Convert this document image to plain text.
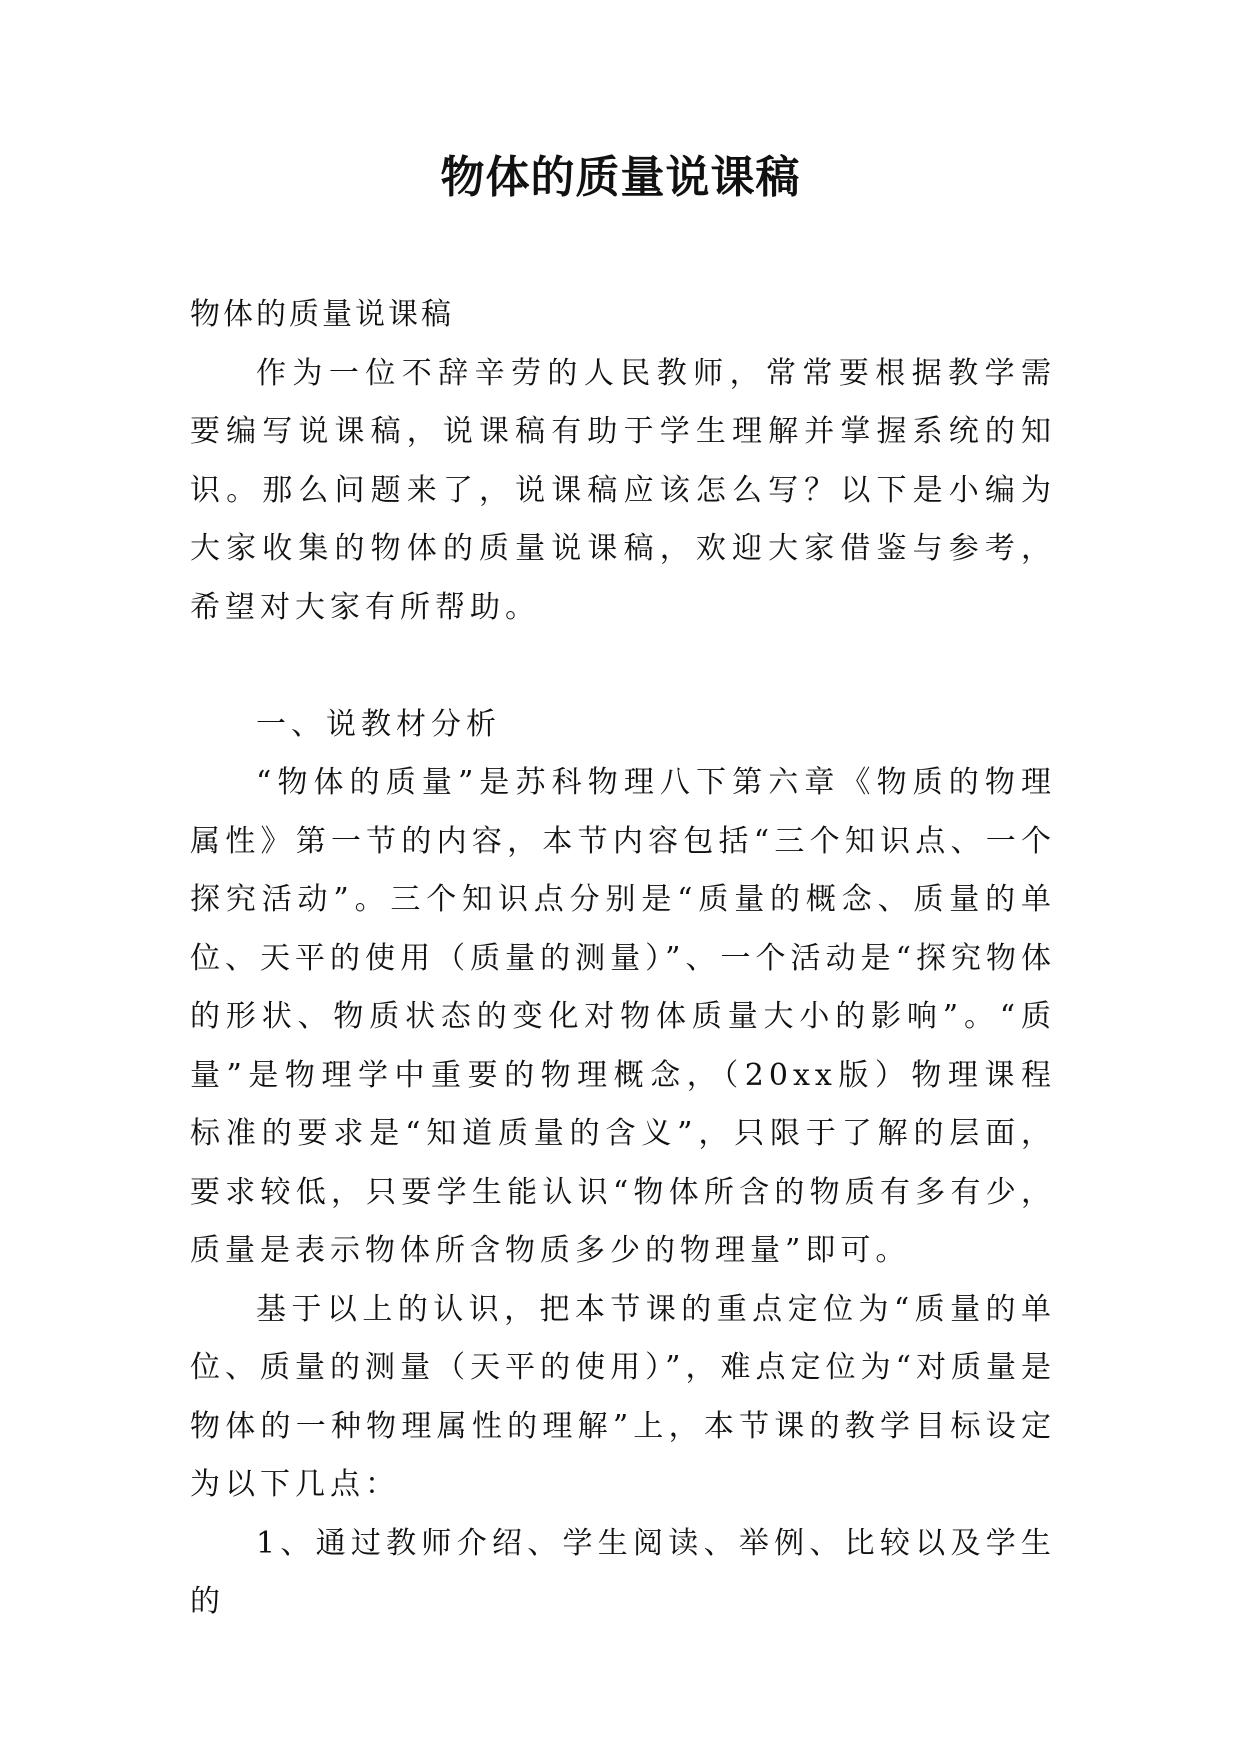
物体的质量说课稿

物体的质量说课稿

作为一位不辞辛劳的人民教师，常常要根据教学需要编写说课稿，说课稿有助于学生理解并掌握系统的知识。那么问题来了，说课稿应该怎么写？以下是小编为大家收集的物体的质量说课稿，欢迎大家借鉴与参考，希望对大家有所帮助。

一、说教材分析

“物体的质量”是苏科物理八下第六章《物质的物理属性》第一节的内容，本节内容包括“三个知识点、一个探究活动”。三个知识点分别是“质量的概念、质量的单位、天平的使用（质量的测量）”、一个活动是“探究物体的形状、物质状态的变化对物体质量大小的影响”。“质量”是物理学中重要的物理概念，（20xx版）物理课程标准的要求是“知道质量的含义”，只限于了解的层面，要求较低，只要学生能认识“物体所含的物质有多有少，质量是表示物体所含物质多少的物理量”即可。

基于以上的认识，把本节课的重点定位为“质量的单位、质量的测量（天平的使用）”，难点定位为“对质量是物体的一种物理属性的理解”上，本节课的教学目标设定为以下几点：

1、通过教师介绍、学生阅读、举例、比较以及学生的
